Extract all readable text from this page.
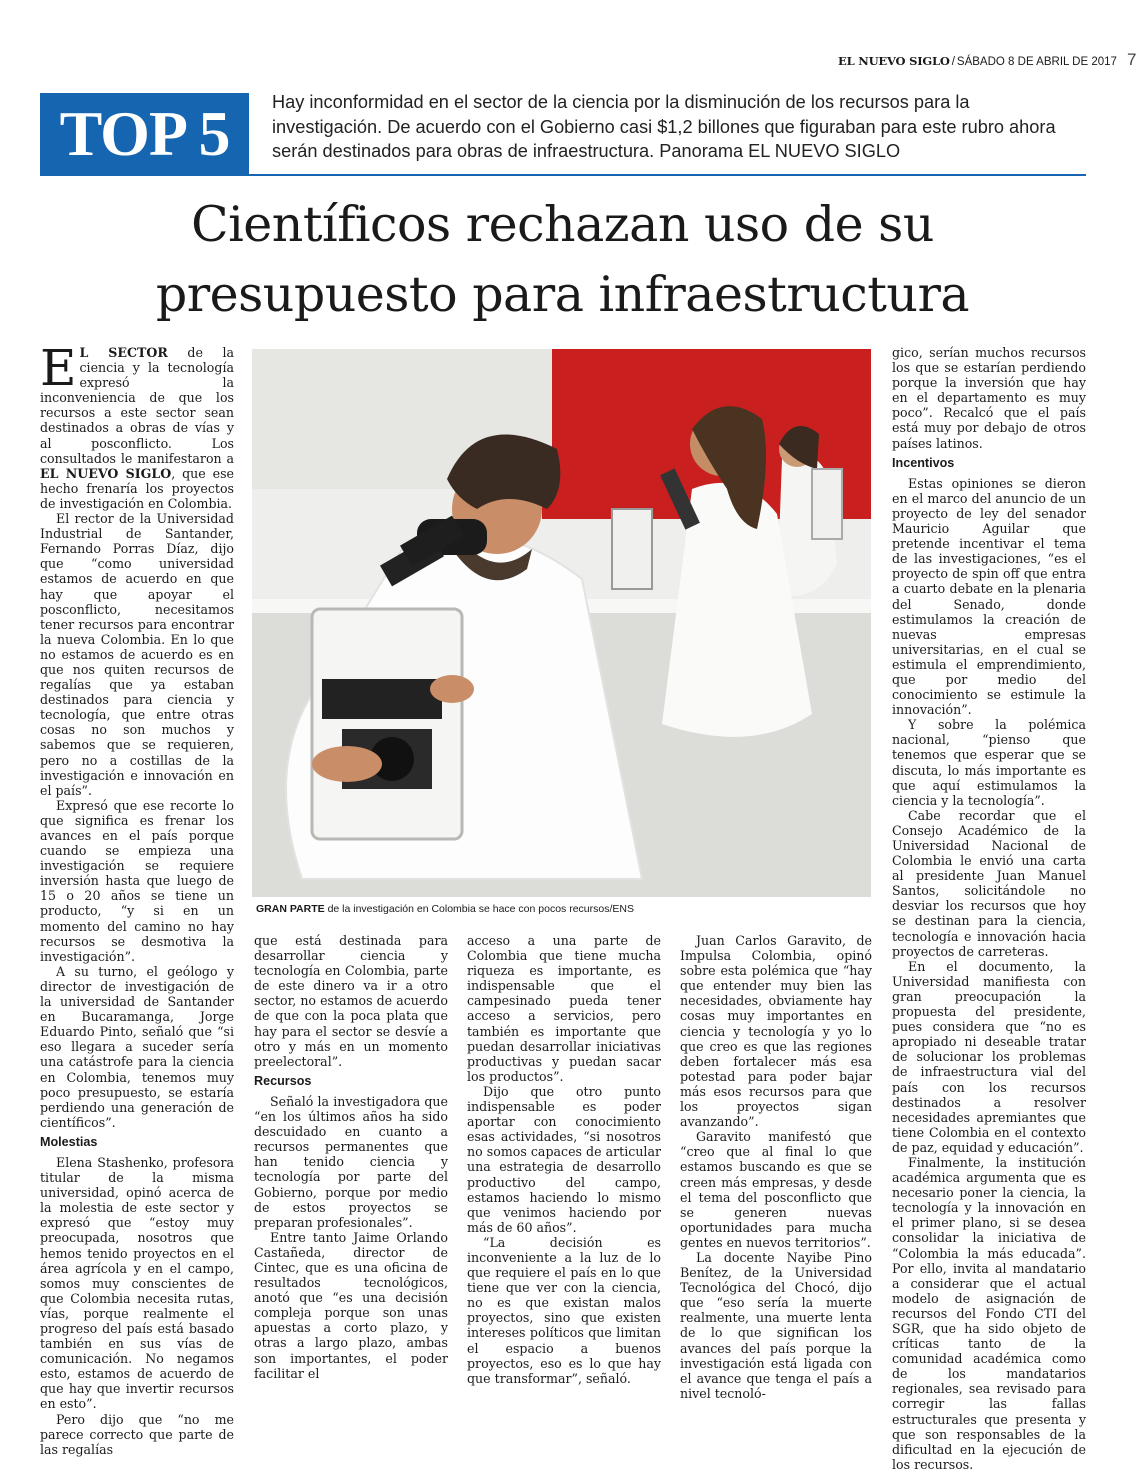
EL NUEVO SIGLO / SÁBADO 8 DE ABRIL DE 2017 7
TOP 5	Hay inconformidad en el sector de la ciencia por la disminución de los recursos para la investigación. De acuerdo con el Gobierno casi $1,2 billones que figuraban para este rubro ahora serán destinados para obras de infraestructura. Panorama EL NUEVO SIGLO
Científicos rechazan uso de su
presupuesto para infraestructura

E L SECTOR de la ciencia y la tecnología expresó la inconveniencia de que los recursos a este sector sean destinados a obras de vías y al posconflicto. Los consultados le manifestaron a EL NUEVO SIGLO, que ese hecho frenaría los proyectos de investigación en Colombia.

El rector de la Universidad Industrial de Santander, Fernando Porras Díaz, dijo que “como universidad estamos de acuerdo en que hay que apoyar el posconflicto, necesitamos tener recursos para encontrar la nueva Colombia. En lo que no estamos de acuerdo es en que nos quiten recursos de regalías que ya estaban destinados para ciencia y tecnología, que entre otras cosas no son muchos y sabemos que se requieren, pero no a costillas de la investigación e innovación en el país”.

Expresó que ese recorte lo que significa es frenar los avances en el país porque cuando se empieza una investigación se requiere inversión hasta que luego de 15 o 20 años se tiene un producto, “y si en un momento del camino no hay recursos se desmotiva la investigación”.

A su turno, el geólogo y director de investigación de la universidad de Santander en Bucaramanga, Jorge Eduardo Pinto, señaló que “si eso llegara a suceder sería una catástrofe para la ciencia en Colombia, tenemos muy poco presupuesto, se estaría perdiendo una generación de científicos”.

Molestias

Elena Stashenko, profesora titular de la misma universidad, opinó acerca de la molestia de este sector y expresó que “estoy muy preocupada, nosotros que hemos tenido proyectos en el área agrícola y en el campo, somos muy conscientes de que Colombia necesita rutas, vías, porque realmente el progreso del país está basado también en sus vías de comunicación. No negamos esto, estamos de acuerdo de que hay que invertir recursos en esto”.

Pero dijo que “no me parece correcto que parte de las regalías

GRAN PARTE de la investigación en Colombia se hace con pocos recursos/ENS

que está destinada para desarrollar ciencia y tecnología en Colombia, parte de este dinero va ir a otro sector, no estamos de acuerdo de que con la poca plata que hay para el sector se desvíe a otro y más en un momento preelectoral”.

Recursos

Señaló la investigadora que “en los últimos años ha sido descuidado en cuanto a recursos permanentes que han tenido ciencia y tecnología por parte del Gobierno, porque por medio de estos proyectos se preparan profesionales”.

Entre tanto Jaime Orlando Castañeda, director de Cintec, que es una oficina de resultados tecnológicos, anotó que “es una decisión compleja porque son unas apuestas a corto plazo, y otras a largo plazo, ambas son importantes, el poder facilitar el

acceso a una parte de Colombia que tiene mucha riqueza es importante, es indispensable que el campesinado pueda tener acceso a servicios, pero también es importante que puedan desarrollar iniciativas productivas y puedan sacar los productos”.

Dijo que otro punto indispensable es poder aportar con conocimiento esas actividades, “si nosotros no somos capaces de articular una estrategia de desarrollo productivo del campo, estamos haciendo lo mismo que venimos haciendo por más de 60 años”.

“La decisión es inconveniente a la luz de lo que requiere el país en lo que tiene que ver con la ciencia, no es que existan malos proyectos, sino que existen intereses políticos que limitan el espacio a buenos proyectos, eso es lo que hay que transformar”, señaló.

Juan Carlos Garavito, de Impulsa Colombia, opinó sobre esta polémica que “hay que entender muy bien las necesidades, obviamente hay cosas muy importantes en ciencia y tecnología y yo lo que creo es que las regiones deben fortalecer más esa potestad para poder bajar más esos recursos para que los proyectos sigan avanzando”.

Garavito manifestó que “creo que al final lo que estamos buscando es que se creen más empresas, y desde el tema del posconflicto que se generen nuevas oportunidades para mucha gentes en nuevos territorios”.

La docente Nayibe Pino Benítez, de la Universidad Tecnológica del Chocó, dijo que “eso sería la muerte realmente, una muerte lenta de lo que significan los avances del país porque la investigación está ligada con el avance que tenga el país a nivel tecnoló-

gico, serían muchos recursos los que se estarían perdiendo porque la inversión que hay en el departamento es muy poco”. Recalcó que el país está muy por debajo de otros países latinos.

Incentivos

Estas opiniones se dieron en el marco del anuncio de un proyecto de ley del senador Mauricio Aguilar que pretende incentivar el tema de las investigaciones, “es el proyecto de spin off que entra a cuarto debate en la plenaria del Senado, donde estimulamos la creación de nuevas empresas universitarias, en el cual se estimula el emprendimiento, que por medio del conocimiento se estimule la innovación”.

Y sobre la polémica nacional, “pienso que tenemos que esperar que se discuta, lo más importante es que aquí estimulamos la ciencia y la tecnología”.

Cabe recordar que el Consejo Académico de la Universidad Nacional de Colombia le envió una carta al presidente Juan Manuel Santos, solicitándole no desviar los recursos que hoy se destinan para la ciencia, tecnología e innovación hacia proyectos de carreteras.

En el documento, la Universidad manifiesta con gran preocupación la propuesta del presidente, pues considera que “no es apropiado ni deseable tratar de solucionar los problemas de infraestructura vial del país con los recursos destinados a resolver necesidades apremiantes que tiene Colombia en el contexto de paz, equidad y educación”.

Finalmente, la institución académica argumenta que es necesario poner la ciencia, la tecnología y la innovación en el primer plano, si se desea consolidar la iniciativa de “Colombia la más educada”. Por ello, invita al mandatario a considerar que el actual modelo de asignación de recursos del Fondo CTI del SGR, que ha sido objeto de críticas tanto de la comunidad académica como de los mandatarios regionales, sea revisado para corregir las fallas estructurales que presenta y que son responsables de la dificultad en la ejecución de los recursos.
